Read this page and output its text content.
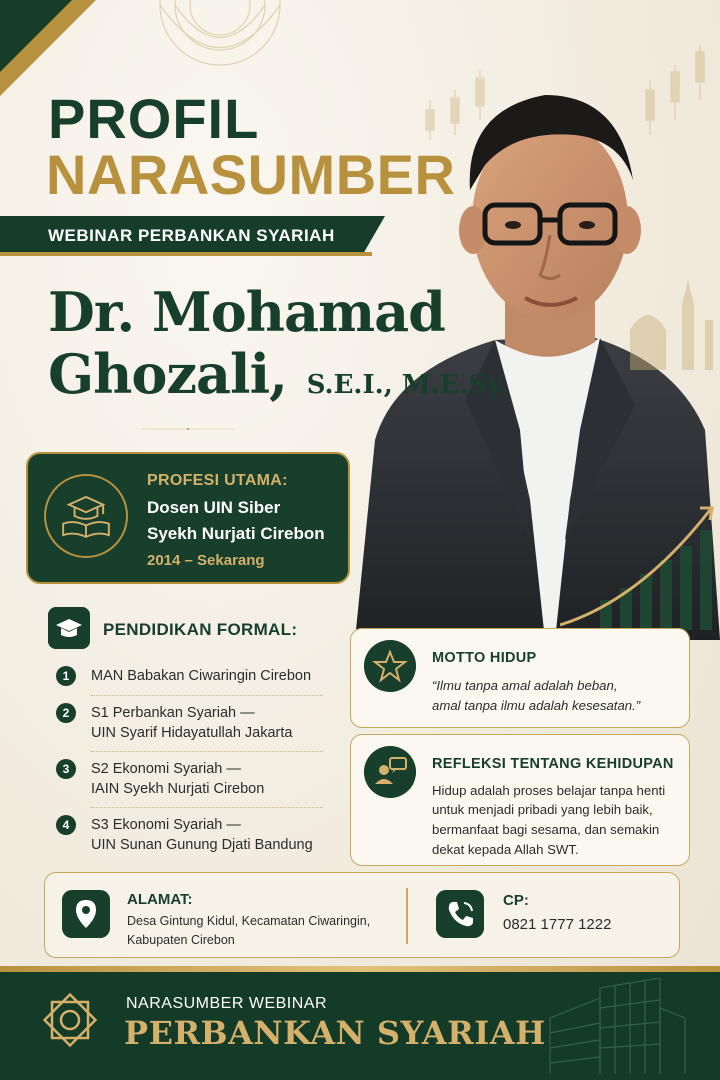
PROFIL
NARASUMBER
WEBINAR PERBANKAN SYARIAH
Dr. Mohamad
Ghozali, S.E.I., M.E.Sy.
PROFESI UTAMA:
Dosen UIN Siber
Syekh Nurjati Cirebon
2014 – Sekarang
PENDIDIKAN FORMAL:
1	MAN Babakan Ciwaringin Cirebon
2	S1 Perbankan Syariah —
UIN Syarif Hidayatullah Jakarta
3	S2 Ekonomi Syariah —
IAIN Syekh Nurjati Cirebon
4	S3 Ekonomi Syariah —
UIN Sunan Gunung Djati Bandung
MOTTO HIDUP
“Ilmu tanpa amal adalah beban,
amal tanpa ilmu adalah kesesatan.”
REFLEKSI TENTANG KEHIDUPAN
Hidup adalah proses belajar tanpa henti
untuk menjadi pribadi yang lebih baik,
bermanfaat bagi sesama, dan semakin
dekat kepada Allah SWT.
ALAMAT:
Desa Gintung Kidul, Kecamatan Ciwaringin,
Kabupaten Cirebon
CP:
0821 1777 1222
NARASUMBER WEBINAR
PERBANKAN SYARIAH
